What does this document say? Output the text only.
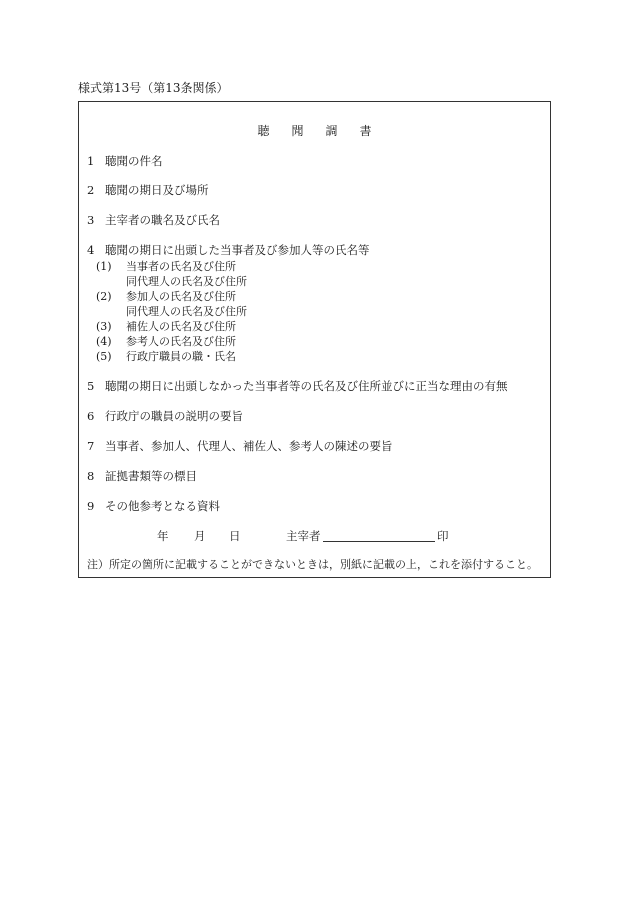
様式第13号（第13条関係）
聴聞調書
1 聴聞の件名
2 聴聞の期日及び場所
3 主宰者の職名及び氏名
4 聴聞の期日に出頭した当事者及び参加人等の氏名等
(1) 当事者の氏名及び住所
同代理人の氏名及び住所
(2) 参加人の氏名及び住所
同代理人の氏名及び住所
(3) 補佐人の氏名及び住所
(4) 参考人の氏名及び住所
(5) 行政庁職員の職・氏名
5 聴聞の期日に出頭しなかった当事者等の氏名及び住所並びに正当な理由の有無
6 行政庁の職員の説明の要旨
7 当事者、参加人、代理人、補佐人、参考人の陳述の要旨
8 証拠書類等の標目
9 その他参考となる資料
年 月 日	主宰者	印
注）所定の箇所に記載することができないときは，別紙に記載の上，これを添付すること。
